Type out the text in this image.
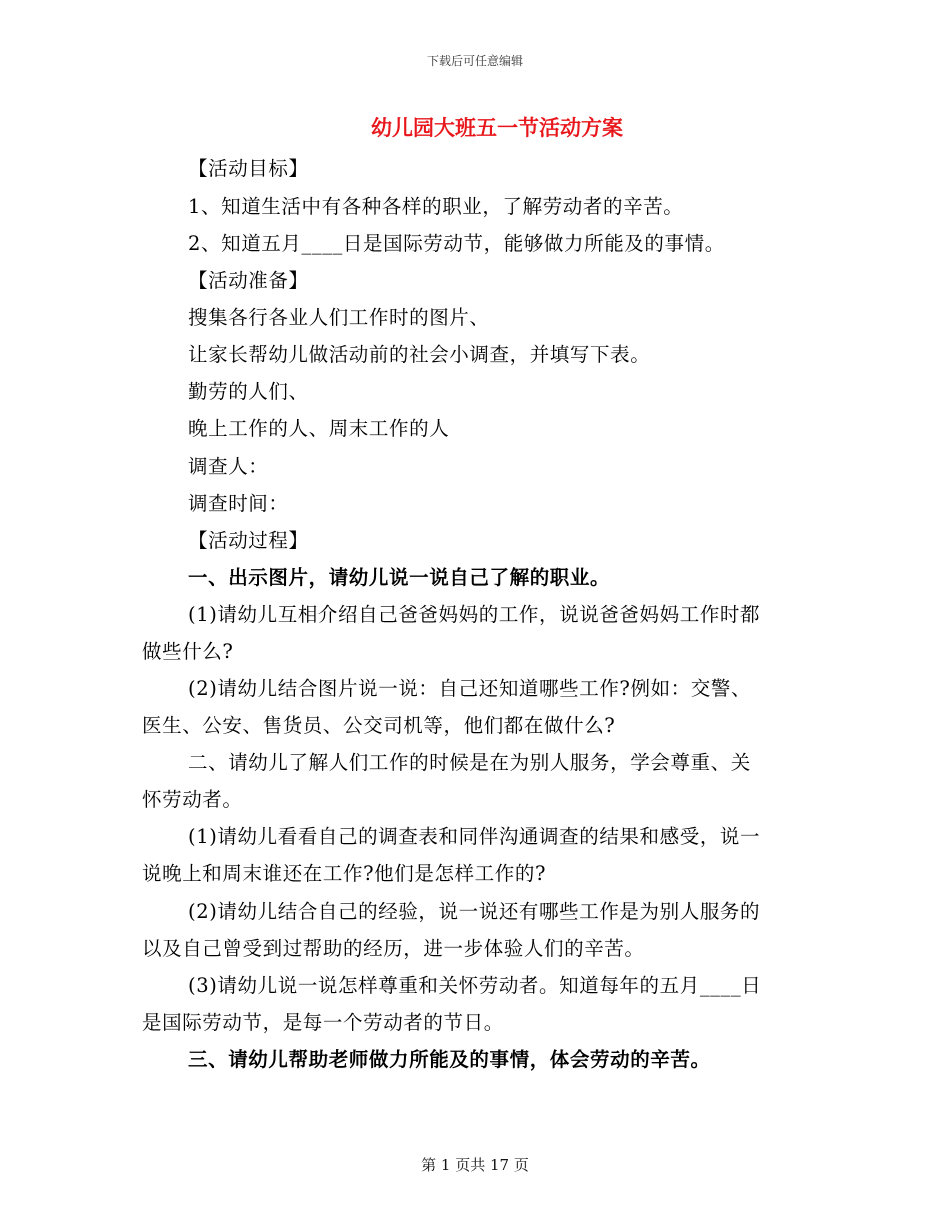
下载后可任意编辑
幼儿园大班五一节活动方案
【活动目标】
1、知道生活中有各种各样的职业，了解劳动者的辛苦。
2、知道五月____日是国际劳动节，能够做力所能及的事情。
【活动准备】
搜集各行各业人们工作时的图片、
让家长帮幼儿做活动前的社会小调查，并填写下表。
勤劳的人们、
晚上工作的人、周末工作的人
调查人：
调查时间：
【活动过程】
一、出示图片，请幼儿说一说自己了解的职业。
(1)请幼儿互相介绍自己爸爸妈妈的工作，说说爸爸妈妈工作时都
做些什么?
(2)请幼儿结合图片说一说：自己还知道哪些工作?例如：交警、
医生、公安、售货员、公交司机等，他们都在做什么?
二、请幼儿了解人们工作的时候是在为别人服务，学会尊重、关
怀劳动者。
(1)请幼儿看看自己的调查表和同伴沟通调查的结果和感受，说一
说晚上和周末谁还在工作?他们是怎样工作的?
(2)请幼儿结合自己的经验，说一说还有哪些工作是为别人服务的
以及自己曾受到过帮助的经历，进一步体验人们的辛苦。
(3)请幼儿说一说怎样尊重和关怀劳动者。知道每年的五月____日
是国际劳动节，是每一个劳动者的节日。
三、请幼儿帮助老师做力所能及的事情，体会劳动的辛苦。
第 1 页共 17 页
